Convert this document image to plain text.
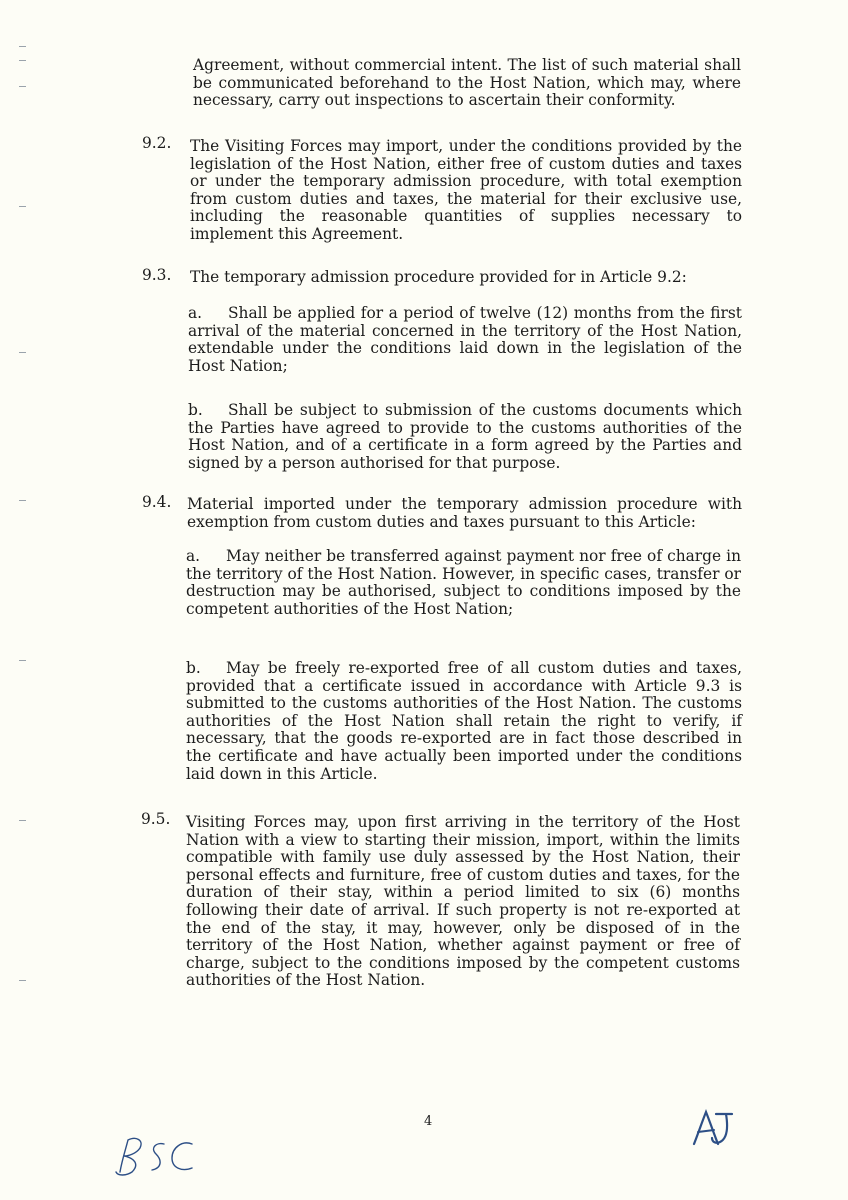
Agreement, without commercial intent. The list of such material shall be communicated beforehand to the Host Nation, which may, where necessary, carry out inspections to ascertain their conformity.
9.2. The Visiting Forces may import, under the conditions provided by the legislation of the Host Nation, either free of custom duties and taxes or under the temporary admission procedure, with total exemption from custom duties and taxes, the material for their exclusive use, including the reasonable quantities of supplies necessary to implement this Agreement.
9.3. The temporary admission procedure provided for in Article 9.2:
a. Shall be applied for a period of twelve (12) months from the first arrival of the material concerned in the territory of the Host Nation, extendable under the conditions laid down in the legislation of the Host Nation;
b. Shall be subject to submission of the customs documents which the Parties have agreed to provide to the customs authorities of the Host Nation, and of a certificate in a form agreed by the Parties and signed by a person authorised for that purpose.
9.4. Material imported under the temporary admission procedure with exemption from custom duties and taxes pursuant to this Article:
a. May neither be transferred against payment nor free of charge in the territory of the Host Nation. However, in specific cases, transfer or destruction may be authorised, subject to conditions imposed by the competent authorities of the Host Nation;
b. May be freely re-exported free of all custom duties and taxes, provided that a certificate issued in accordance with Article 9.3 is submitted to the customs authorities of the Host Nation. The customs authorities of the Host Nation shall retain the right to verify, if necessary, that the goods re-exported are in fact those described in the certificate and have actually been imported under the conditions laid down in this Article.
9.5. Visiting Forces may, upon first arriving in the territory of the Host Nation with a view to starting their mission, import, within the limits compatible with family use duly assessed by the Host Nation, their personal effects and furniture, free of custom duties and taxes, for the duration of their stay, within a period limited to six (6) months following their date of arrival. If such property is not re-exported at the end of the stay, it may, however, only be disposed of in the territory of the Host Nation, whether against payment or free of charge, subject to the conditions imposed by the competent customs authorities of the Host Nation.
4
